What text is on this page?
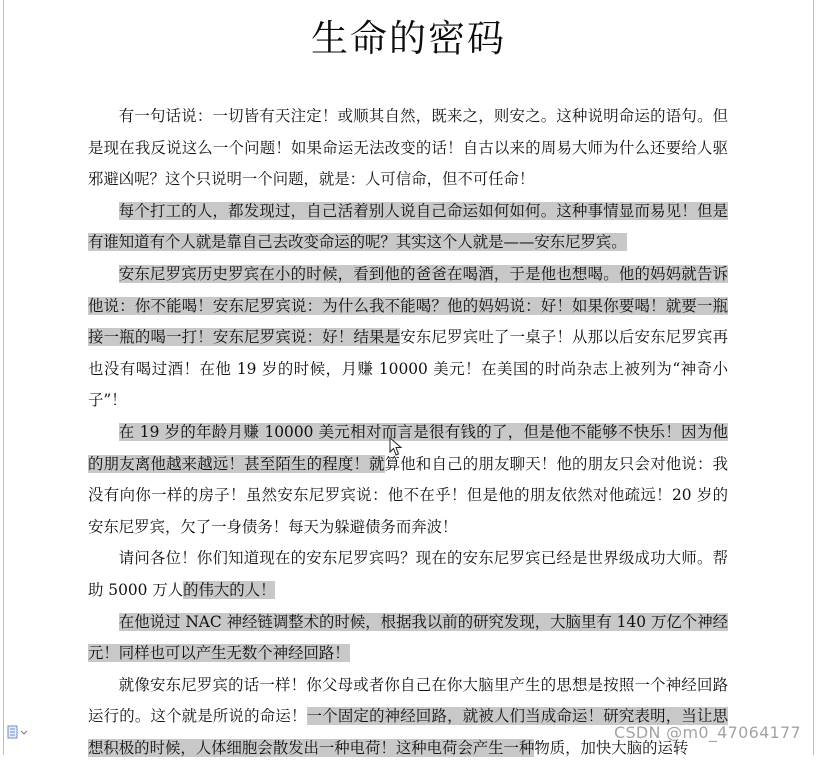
生命的密码

有一句话说：一切皆有天注定！或顺其自然，既来之，则安之。这种说明命运的语句。但是现在我反说这么一个问题！如果命运无法改变的话！自古以来的周易大师为什么还要给人驱邪避凶呢？这个只说明一个问题，就是：人可信命，但不可任命！

每个打工的人，都发现过，自己活着别人说自己命运如何如何。这种事情显而易见！但是有谁知道有个人就是靠自己去改变命运的呢？其实这个人就是——安东尼罗宾。

安东尼罗宾历史罗宾在小的时候，看到他的爸爸在喝酒，于是他也想喝。他的妈妈就告诉他说：你不能喝！安东尼罗宾说：为什么我不能喝？他的妈妈说：好！如果你要喝！就要一瓶接一瓶的喝一打！安东尼罗宾说：好！结果是安东尼罗宾吐了一桌子！从那以后安东尼罗宾再也没有喝过酒！在他 19 岁的时候，月赚 10000 美元！在美国的时尚杂志上被列为“神奇小子”！

在 19 岁的年龄月赚 10000 美元相对而言是很有钱的了，但是他不能够不快乐！因为他的朋友离他越来越远！甚至陌生的程度！就算他和自己的朋友聊天！他的朋友只会对他说：我没有向你一样的房子！虽然安东尼罗宾说：他不在乎！但是他的朋友依然对他疏远！20 岁的安东尼罗宾，欠了一身债务！每天为躲避债务而奔波！

请问各位！你们知道现在的安东尼罗宾吗？现在的安东尼罗宾已经是世界级成功大师。帮助 5000 万人的伟大的人！

在他说过 NAC 神经链调整术的时候，根据我以前的研究发现，大脑里有 140 万亿个神经元！同样也可以产生无数个神经回路！

就像安东尼罗宾的话一样！你父母或者你自己在你大脑里产生的思想是按照一个神经回路运行的。这个就是所说的命运！一个固定的神经回路，就被人们当成命运！研究表明，当让思想积极的时候，人体细胞会散发出一种电荷！这种电荷会产生一种物质，加快大脑的运转

CSDN @m0_47064177
